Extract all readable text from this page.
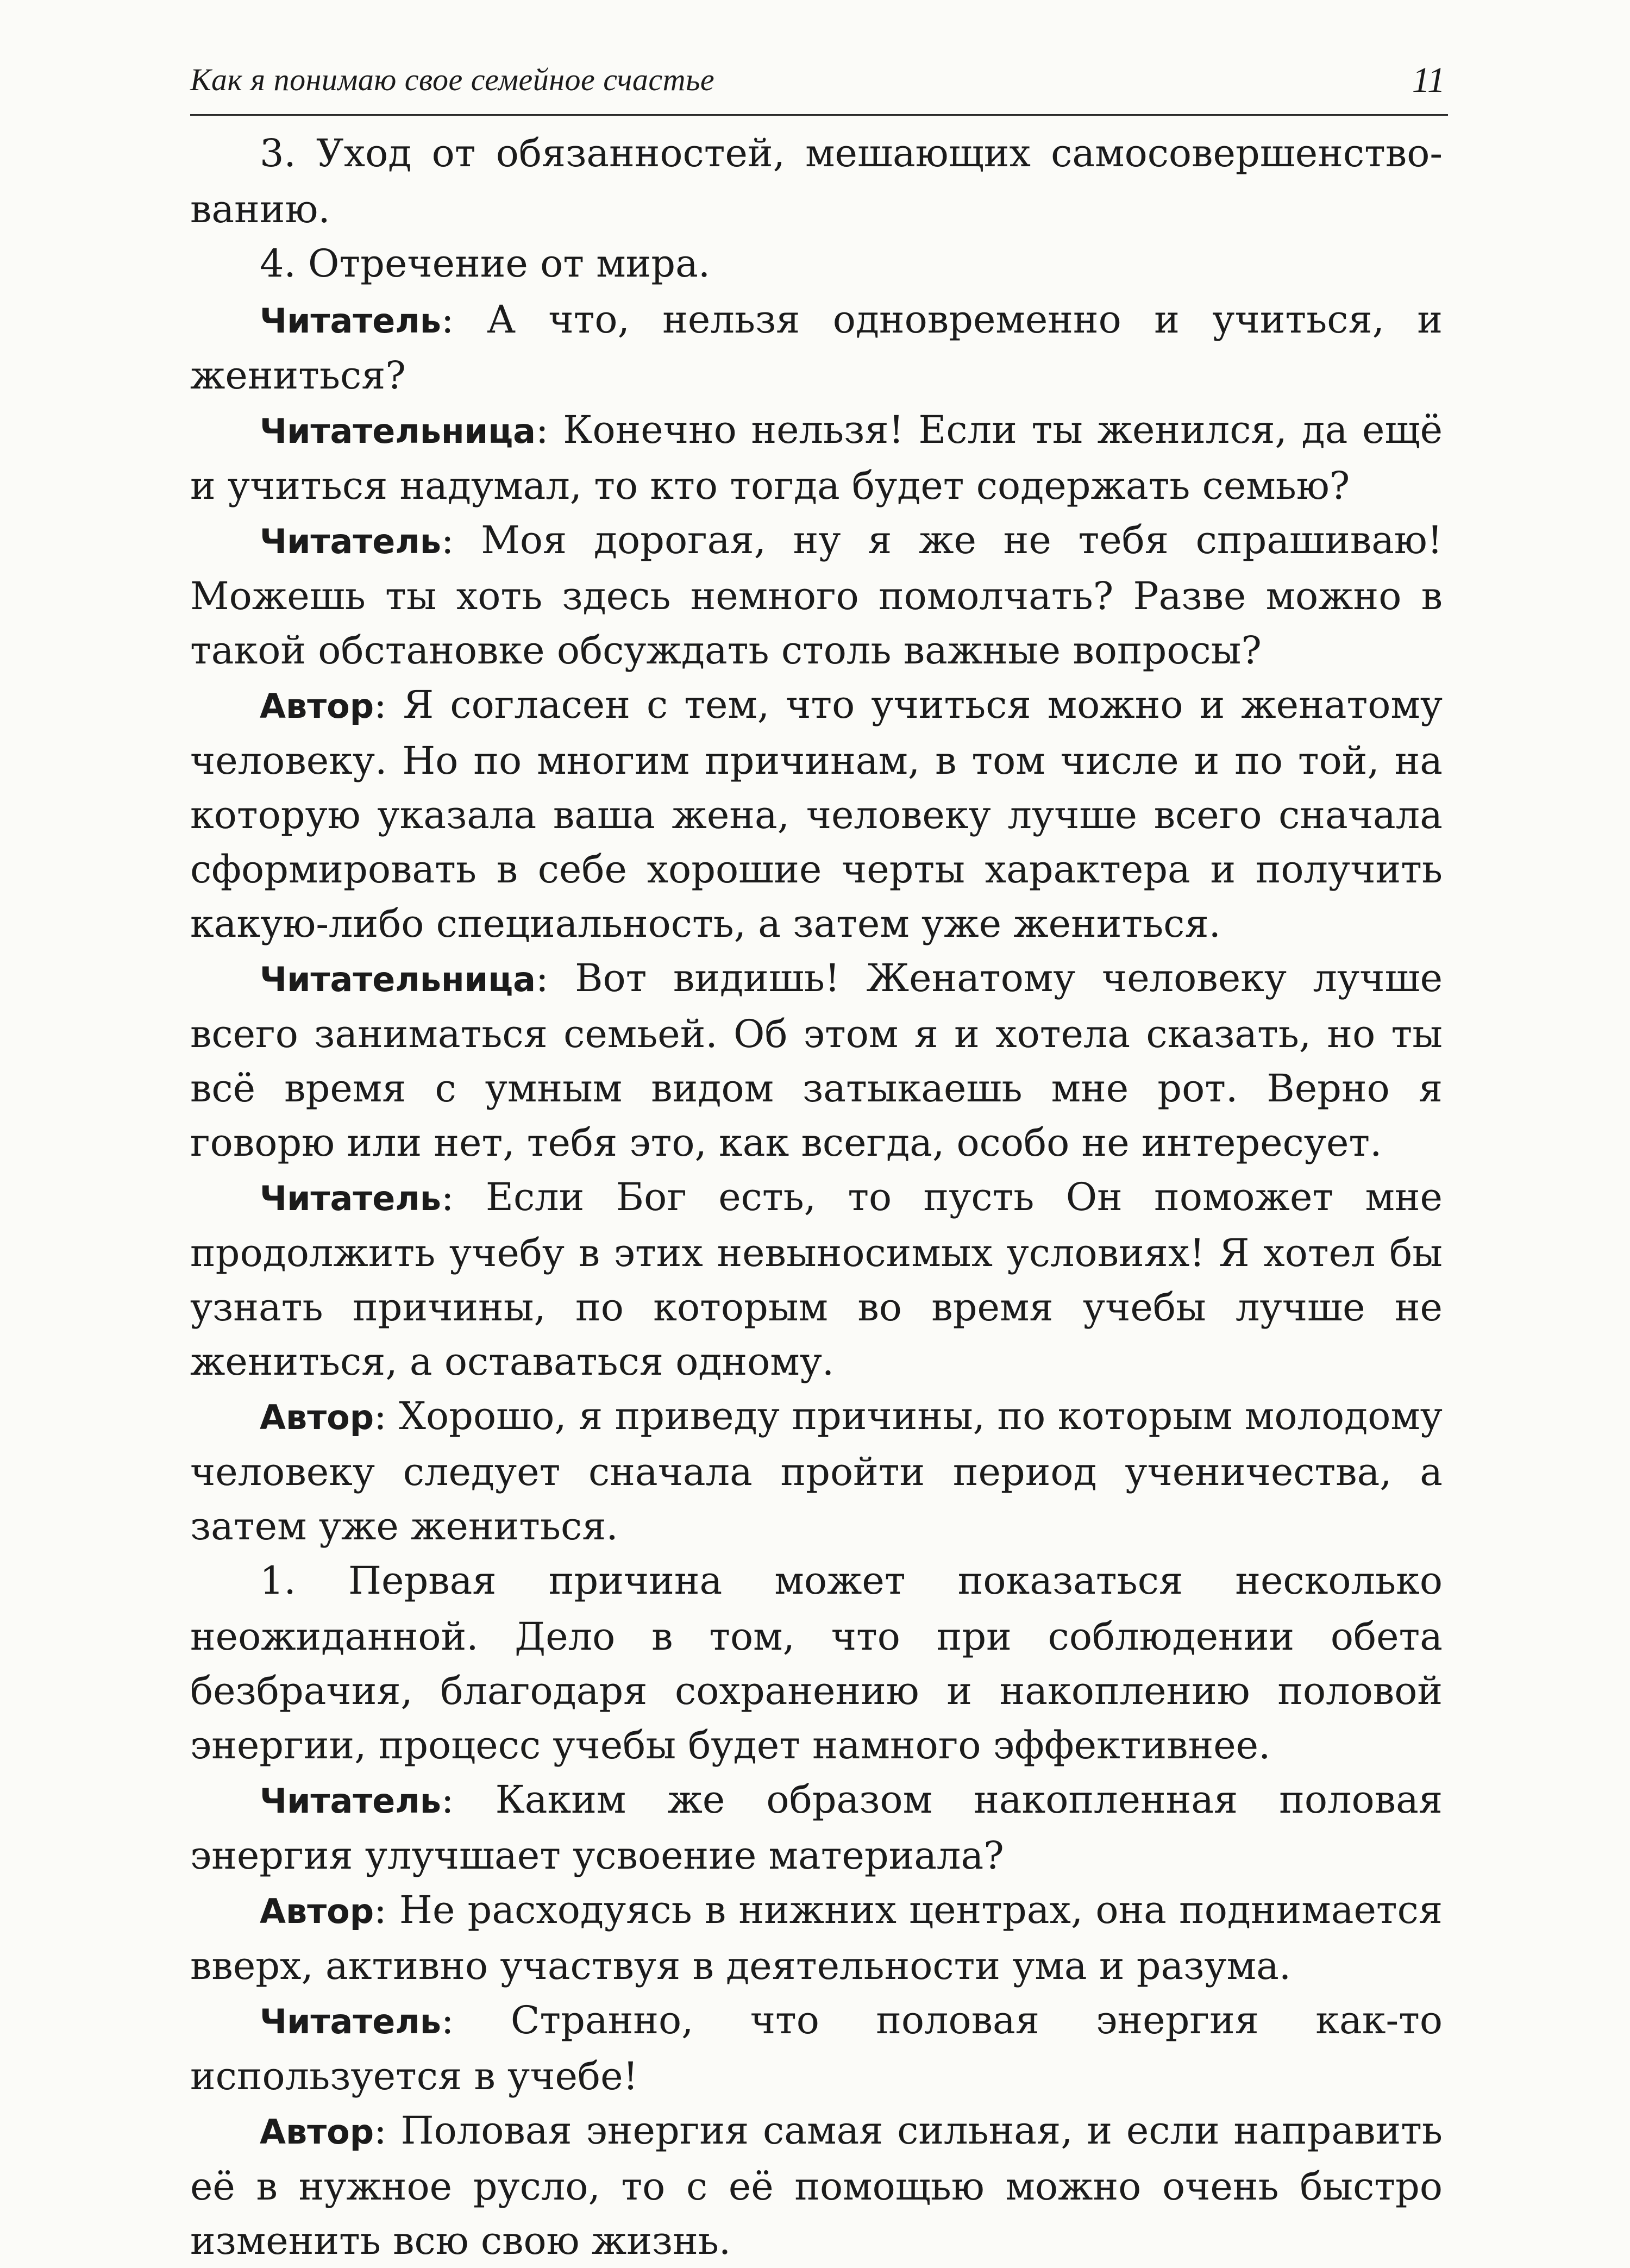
Как я понимаю свое семейное счастье	11

3. Уход от обязанностей, мешающих самосовершенствованию.

4. Отречение от мира.

Читатель: А что, нельзя одновременно и учиться, и жениться?

Читательница: Конечно нельзя! Если ты женился, да ещё и учиться надумал, то кто тогда будет содержать семью?

Читатель: Моя дорогая, ну я же не тебя спрашиваю! Можешь ты хоть здесь немного помолчать? Разве можно в такой обстановке обсуждать столь важные вопросы?

Автор: Я согласен с тем, что учиться можно и женатому человеку. Но по многим причинам, в том числе и по той, на которую указала ваша жена, человеку лучше всего сначала сформировать в себе хорошие черты характера и получить какую-либо специальность, а затем уже жениться.

Читательница: Вот видишь! Женатому человеку лучше всего заниматься семьей. Об этом я и хотела сказать, но ты всё время с умным видом затыкаешь мне рот. Верно я говорю или нет, тебя это, как всегда, особо не интересует.

Читатель: Если Бог есть, то пусть Он поможет мне продолжить учебу в этих невыносимых условиях! Я хотел бы узнать причины, по которым во время учебы лучше не жениться, а оставаться одному.

Автор: Хорошо, я приведу причины, по которым молодому человеку следует сначала пройти период ученичества, а затем уже жениться.

1. Первая причина может показаться несколько неожиданной. Дело в том, что при соблюдении обета безбрачия, благодаря сохранению и накоплению половой энергии, процесс учебы будет намного эффективнее.

Читатель: Каким же образом накопленная половая энергия улучшает усвоение материала?

Автор: Не расходуясь в нижних центрах, она поднимается вверх, активно участвуя в деятельности ума и разума.

Читатель: Странно, что половая энергия как-то используется в учебе!

Автор: Половая энергия самая сильная, и если направить её в нужное русло, то с её помощью можно очень быстро изменить всю свою жизнь.
